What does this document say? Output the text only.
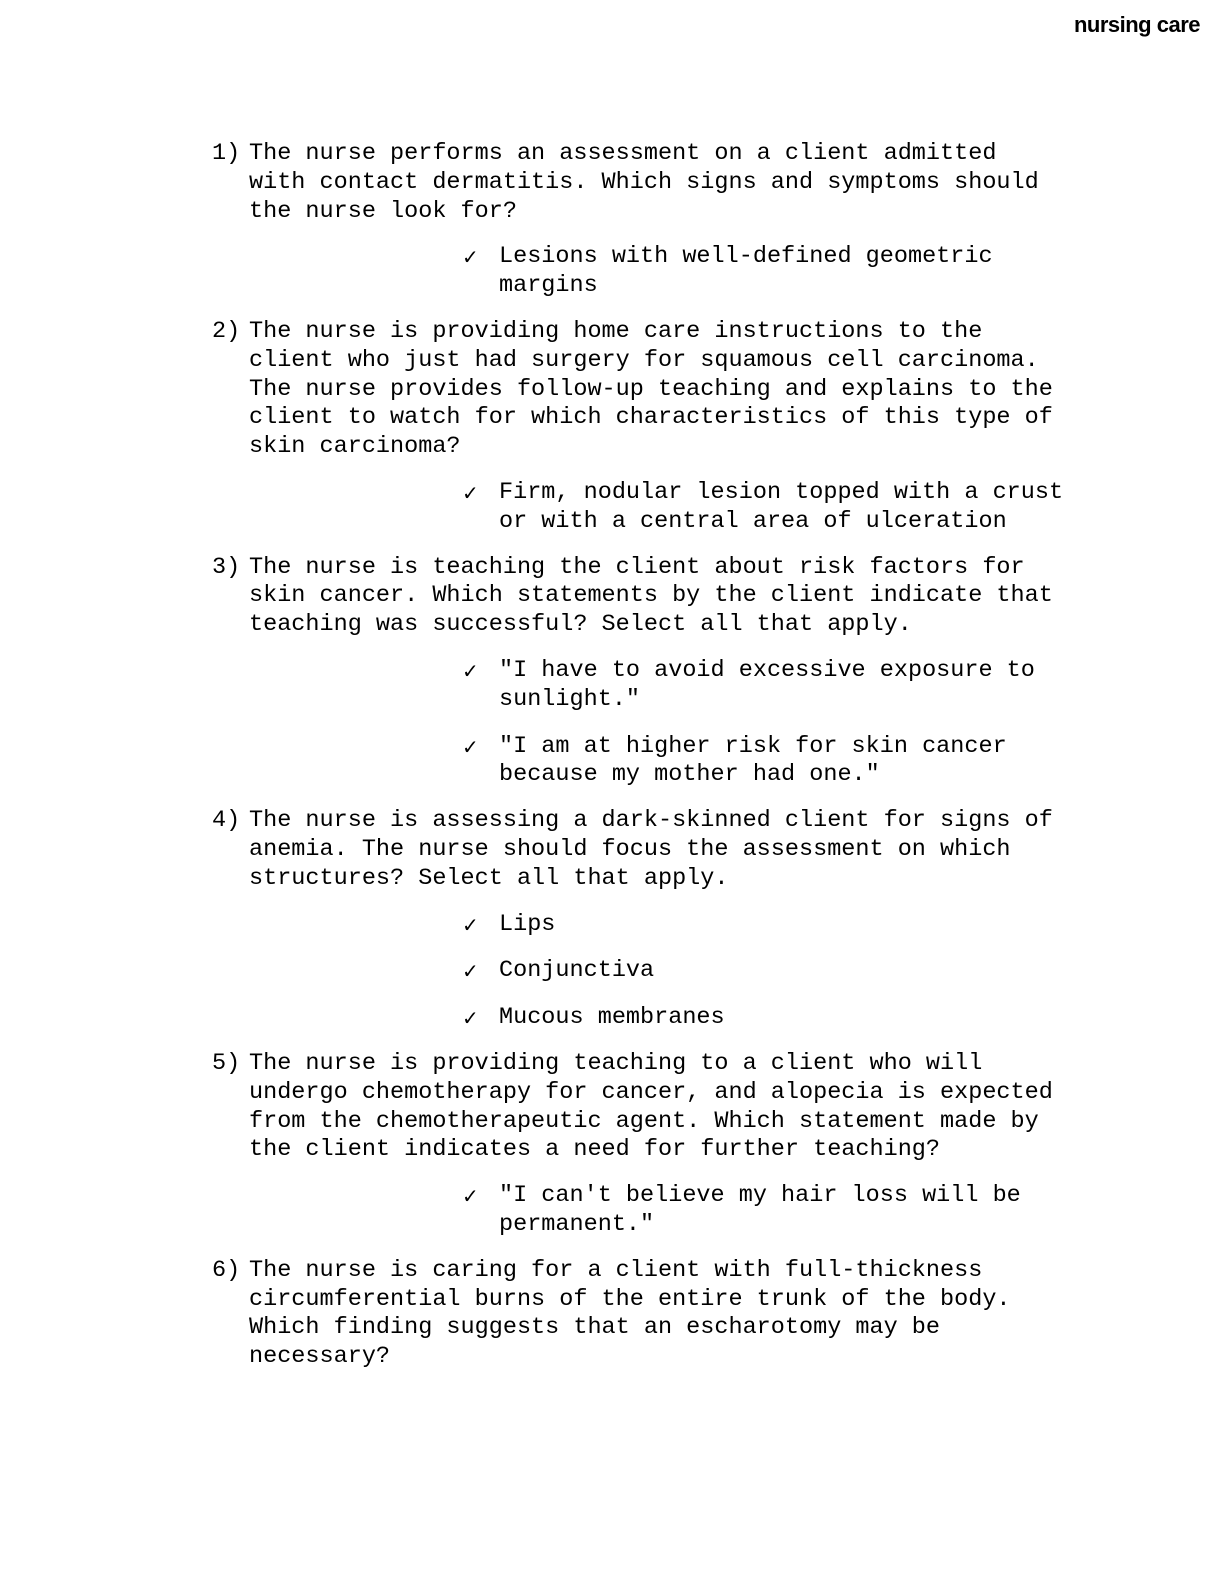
nursing care
1) The nurse performs an assessment on a client admitted
with contact dermatitis. Which signs and symptoms should
the nurse look for?
✓ Lesions with well-defined geometric
margins
2) The nurse is providing home care instructions to the
client who just had surgery for squamous cell carcinoma.
The nurse provides follow-up teaching and explains to the
client to watch for which characteristics of this type of
skin carcinoma?
✓ Firm, nodular lesion topped with a crust
or with a central area of ulceration
3) The nurse is teaching the client about risk factors for
skin cancer. Which statements by the client indicate that
teaching was successful? Select all that apply.
✓ "I have to avoid excessive exposure to
sunlight."
✓ "I am at higher risk for skin cancer
because my mother had one."
4) The nurse is assessing a dark-skinned client for signs of
anemia. The nurse should focus the assessment on which
structures? Select all that apply.
✓ Lips
✓ Conjunctiva
✓ Mucous membranes
5) The nurse is providing teaching to a client who will
undergo chemotherapy for cancer, and alopecia is expected
from the chemotherapeutic agent. Which statement made by
the client indicates a need for further teaching?
✓ "I can't believe my hair loss will be
permanent."
6) The nurse is caring for a client with full-thickness
circumferential burns of the entire trunk of the body.
Which finding suggests that an escharotomy may be
necessary?
